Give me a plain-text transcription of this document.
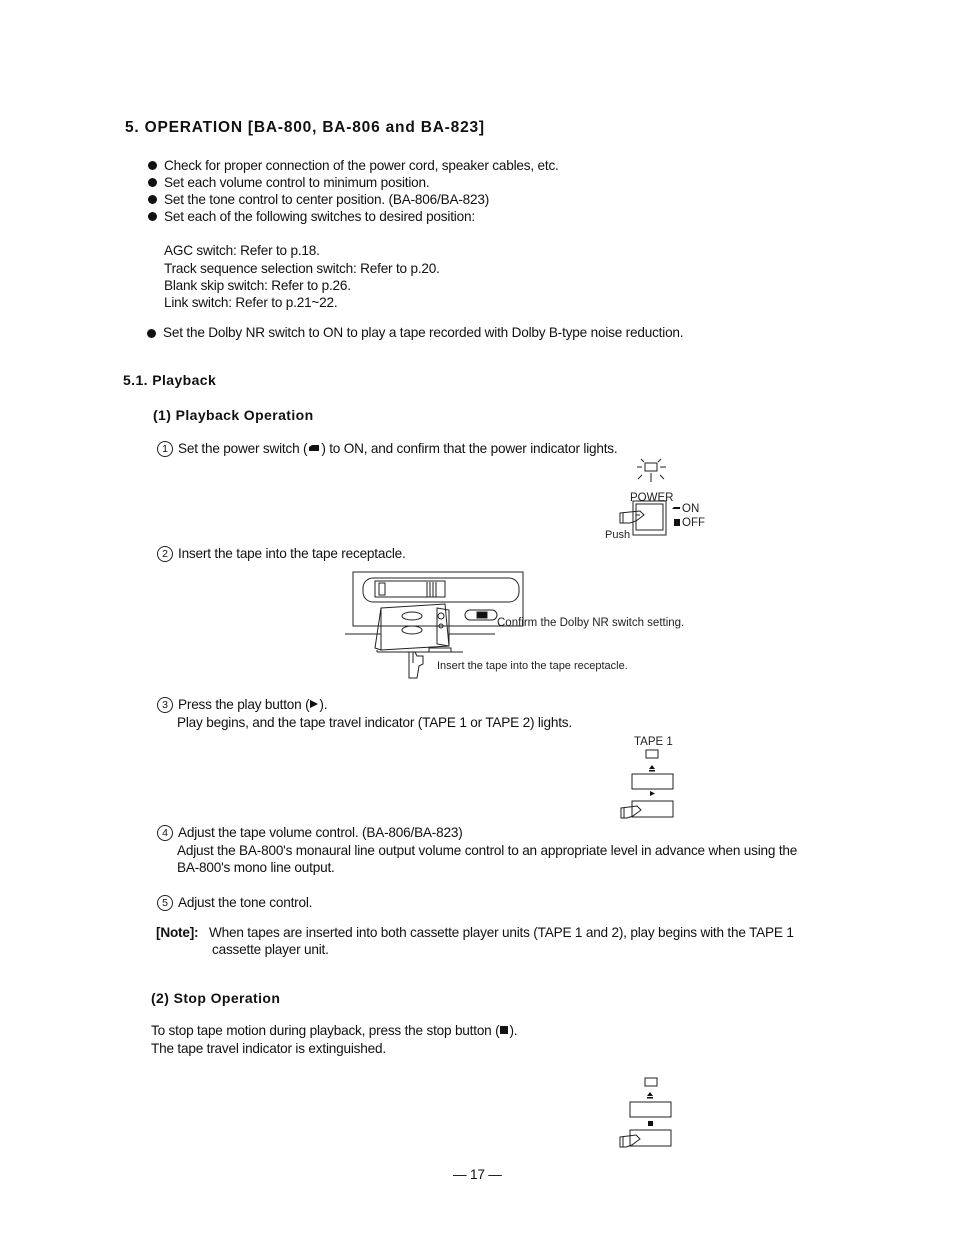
5. OPERATION [BA-800, BA-806 and BA-823]
Check for proper connection of the power cord, speaker cables, etc.
Set each volume control to minimum position.
Set the tone control to center position. (BA-806/BA-823)
Set each of the following switches to desired position:
AGC switch: Refer to p.18.
Track sequence selection switch: Refer to p.20.
Blank skip switch: Refer to p.26.
Link switch: Refer to p.21~22.
Set the Dolby NR switch to ON to play a tape recorded with Dolby B-type noise reduction.
5.1. Playback
(1) Playback Operation
1 Set the power switch ( ) to ON, and confirm that the power indicator lights.
POWER
ON
OFF
Push
2 Insert the tape into the tape receptacle.
Confirm the Dolby NR switch setting.
Insert the tape into the tape receptacle.
3 Press the play button ( ).
Play begins, and the tape travel indicator (TAPE 1 or TAPE 2) lights.
TAPE 1
4 Adjust the tape volume control. (BA-806/BA-823)
Adjust the BA-800's monaural line output volume control to an appropriate level in advance when using the
BA-800's mono line output.
5 Adjust the tone control.
[Note]: When tapes are inserted into both cassette player units (TAPE 1 and 2), play begins with the TAPE 1
cassette player unit.
(2) Stop Operation
To stop tape motion during playback, press the stop button ( ).
The tape travel indicator is extinguished.
— 17 —
